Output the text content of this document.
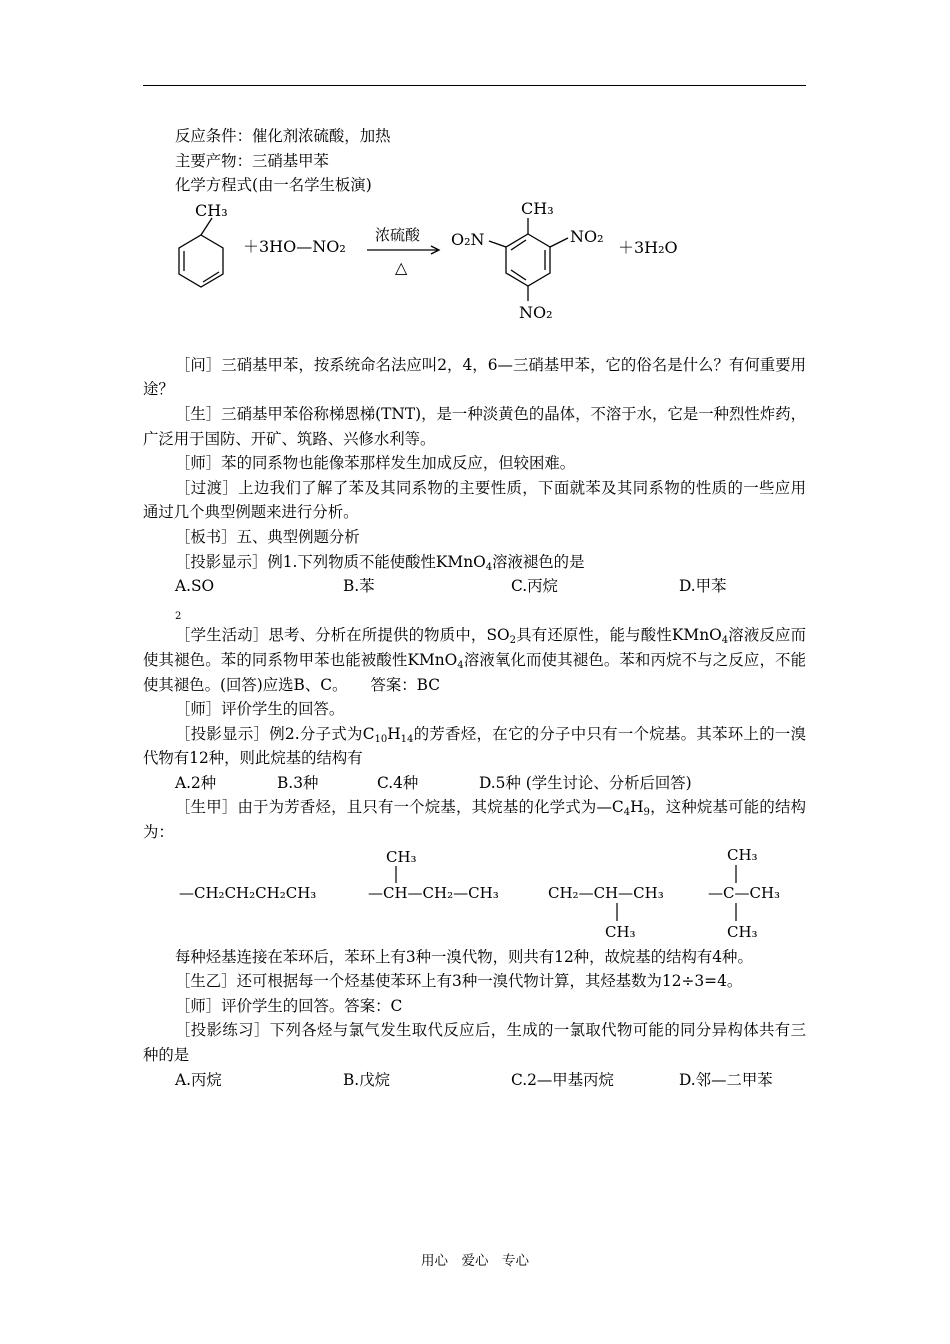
反应条件：催化剂浓硫酸，加热

主要产物：三硝基甲苯

化学方程式(由一名学生板演)

CH₃
＋3HO—NO₂
浓硫酸
△
CH₃
O₂N	NO₂
NO₂
＋3H₂O

［问］三硝基甲苯，按系统命名法应叫2，4，6—三硝基甲苯，它的俗名是什么？有何重要用途？

［生］三硝基甲苯俗称梯恩梯(TNT)，是一种淡黄色的晶体，不溶于水，它是一种烈性炸药，广泛用于国防、开矿、筑路、兴修水利等。

［师］苯的同系物也能像苯那样发生加成反应，但较困难。

［过渡］上边我们了解了苯及其同系物的主要性质，下面就苯及其同系物的性质的一些应用通过几个典型例题来进行分析。

［板书］五、典型例题分析

［投影显示］例1.下列物质不能使酸性KMnO$_4$溶液褪色的是

$A.SO_2$
B.苯	C.丙烷	D.甲苯

［学生活动］思考、分析在所提供的物质中，$SO_2$具有还原性，能与酸性KMnO$_4$溶液反应而使其褪色。苯的同系物甲苯也能被酸性KMnO$_4$溶液氧化而使其褪色。苯和丙烷不与之反应，不能使其褪色。(回答)应选B、C。　　答案：BC

［师］评价学生的回答。

［投影显示］例2.分子式为$C_{10}H_{14}$的芳香烃，在它的分子中只有一个烷基。其苯环上的一溴代物有12种，则此烷基的结构有

A.2种	B.3种	C.4种	D.5种 (学生讨论、分析后回答)

［生甲］由于为芳香烃，且只有一个烷基，其烷基的化学式为$—C_4H_9$，这种烷基可能的结构为：

—CH₂CH₂CH₂CH₃
CH₃
—CH—CH₂—CH₃	CH₂—CH—CH₃
CH₃
CH₃
—C—CH₃
CH₃

每种烃基连接在苯环后，苯环上有3种一溴代物，则共有12种，故烷基的结构有4种。

［生乙］还可根据每一个烃基使苯环上有3种一溴代物计算，其烃基数为12÷3=4。

［师］评价学生的回答。答案：C

［投影练习］下列各烃与氯气发生取代反应后，生成的一氯取代物可能的同分异构体共有三种的是

A.丙烷	B.戊烷	C.2—甲基丙烷	D.邻—二甲苯
用心　爱心　专心
